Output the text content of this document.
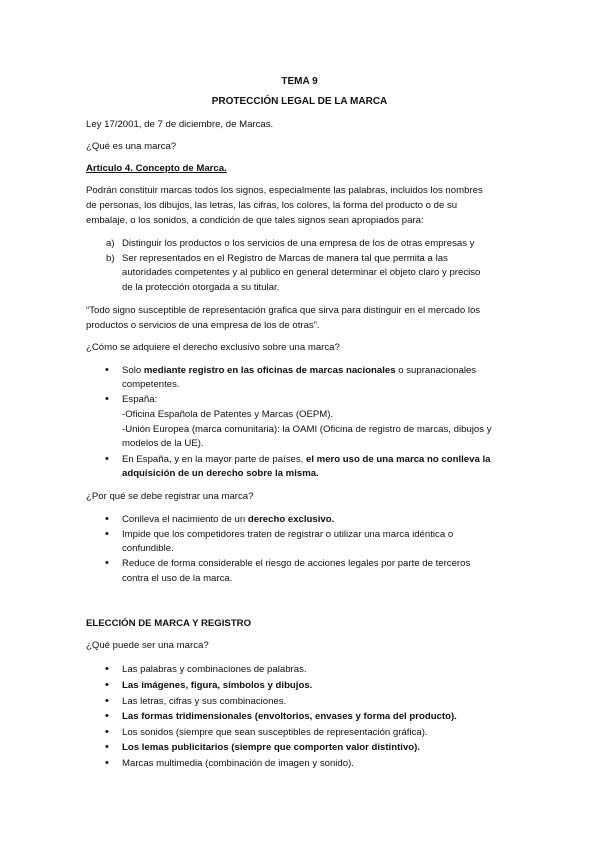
TEMA 9
PROTECCIÓN LEGAL DE LA MARCA
Ley 17/2001, de 7 de diciembre, de Marcas.
¿Qué es una marca?
Artículo 4. Concepto de Marca.
Podrán constituir marcas todos los signos, especialmente las palabras, incluidos los nombres
de personas, los dibujos, las letras, las cifras, los colores, la forma del producto o de su
embalaje, o los sonidos, a condición de que tales signos sean apropiados para:
a) Distinguir los productos o los servicios de una empresa de los de otras empresas y
b) Ser representados en el Registro de Marcas de manera tal que permita a las
autoridades competentes y al publico en general determinar el objeto claro y preciso
de la protección otorgada a su titular.
“Todo signo susceptible de representación grafica que sirva para distinguir en el mercado los
productos o servicios de una empresa de los de otras”.
¿Cómo se adquiere el derecho exclusivo sobre una marca?
• Solo mediante registro en las oficinas de marcas nacionales o supranacionales
competentes.
• España:
-Oficina Española de Patentes y Marcas (OEPM).
-Unión Europea (marca comunitaria): la OAMI (Oficina de registro de marcas, dibujos y
modelos de la UE).
• En España, y en la mayor parte de países, el mero uso de una marca no conlleva la
adquisición de un derecho sobre la misma.
¿Por qué se debe registrar una marca?
• Conlleva el nacimiento de un derecho exclusivo.
• Impide que los competidores traten de registrar o utilizar una marca idéntica o
confundible.
• Reduce de forma considerable el riesgo de acciones legales por parte de terceros
contra el uso de la marca.
ELECCIÓN DE MARCA Y REGISTRO
¿Qué puede ser una marca?
• Las palabras y combinaciones de palabras.
• Las imágenes, figura, símbolos y dibujos.
• Las letras, cifras y sus combinaciones.
• Las formas tridimensionales (envoltorios, envases y forma del producto).
• Los sonidos (siempre que sean susceptibles de representación gráfica).
• Los lemas publicitarios (siempre que comporten valor distintivo).
• Marcas multimedia (combinación de imagen y sonido).
